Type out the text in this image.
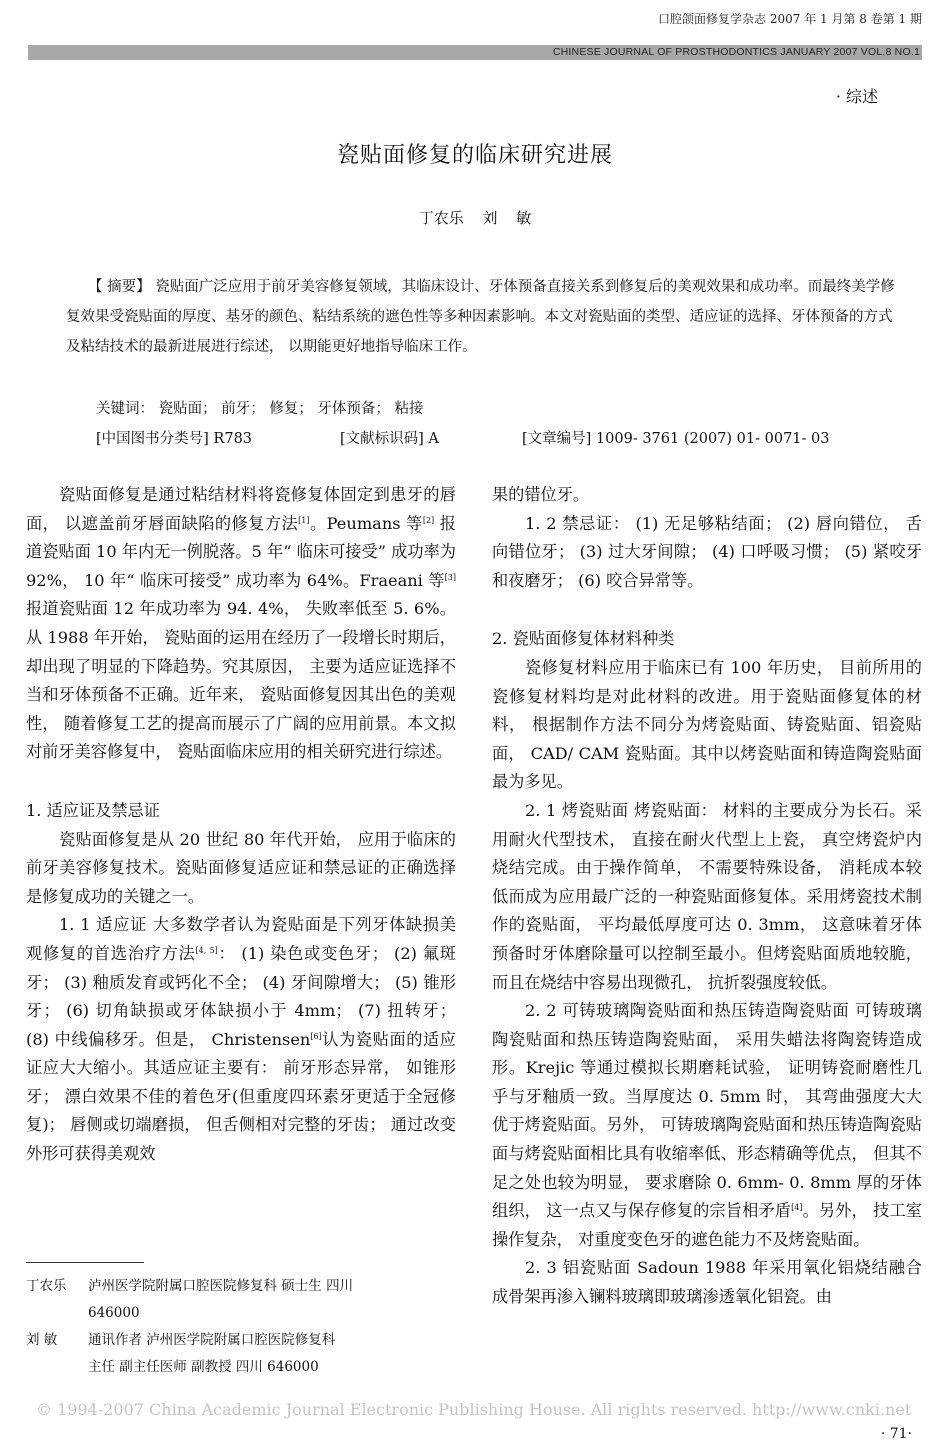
口腔颌面修复学杂志 2007 年 1 月第 8 卷第 1 期
CHINESE JOURNAL OF PROSTHODONTICS JANUARY 2007 VOL.8 NO.1
· 综述
瓷贴面修复的临床研究进展
丁农乐 刘 敏
【 摘要】 瓷贴面广泛应用于前牙美容修复领域，其临床设计、牙体预备直接关系到修复后的美观效果和成功率。而最终美学修复效果受瓷贴面的厚度、基牙的颜色、粘结系统的遮色性等多种因素影响。本文对瓷贴面的类型、适应证的选择、牙体预备的方式及粘结技术的最新进展进行综述， 以期能更好地指导临床工作。
关键词： 瓷贴面； 前牙； 修复； 牙体预备； 粘接
[中国图书分类号] R783	[文献标识码] A	[文章编号] 1009- 3761 (2007) 01- 0071- 03

瓷贴面修复是通过粘结材料将瓷修复体固定到患牙的唇面， 以遮盖前牙唇面缺陷的修复方法[1]。Peumans 等[2] 报道瓷贴面 10 年内无一例脱落。5 年“ 临床可接受” 成功率为 92%， 10 年“ 临床可接受” 成功率为 64%。Fraeani 等[3] 报道瓷贴面 12 年成功率为 94. 4%， 失败率低至 5. 6%。从 1988 年开始， 瓷贴面的运用在经历了一段增长时期后， 却出现了明显的下降趋势。究其原因， 主要为适应证选择不当和牙体预备不正确。近年来， 瓷贴面修复因其出色的美观性， 随着修复工艺的提高而展示了广阔的应用前景。本文拟对前牙美容修复中， 瓷贴面临床应用的相关研究进行综述。

1. 适应证及禁忌证

瓷贴面修复是从 20 世纪 80 年代开始， 应用于临床的前牙美容修复技术。瓷贴面修复适应证和禁忌证的正确选择是修复成功的关键之一。

1. 1 适应证 大多数学者认为瓷贴面是下列牙体缺损美观修复的首选治疗方法[4, 5]： (1) 染色或变色牙； (2) 氟斑牙； (3) 釉质发育或钙化不全； (4) 牙间隙增大； (5) 锥形牙； (6) 切角缺损或牙体缺损小于 4mm； (7) 扭转牙； (8) 中线偏移牙。但是， Christensen[6]认为瓷贴面的适应证应大大缩小。其适应证主要有： 前牙形态异常， 如锥形牙； 漂白效果不佳的着色牙(但重度四环素牙更适于全冠修复)； 唇侧或切端磨损， 但舌侧相对完整的牙齿； 通过改变外形可获得美观效

果的错位牙。

1. 2 禁忌证： (1) 无足够粘结面； (2) 唇向错位， 舌向错位牙； (3) 过大牙间隙； (4) 口呼吸习惯； (5) 紧咬牙和夜磨牙； (6) 咬合异常等。

2. 瓷贴面修复体材料种类

瓷修复材料应用于临床已有 100 年历史， 目前所用的瓷修复材料均是对此材料的改进。用于瓷贴面修复体的材料， 根据制作方法不同分为烤瓷贴面、铸瓷贴面、铝瓷贴面， CAD/ CAM 瓷贴面。其中以烤瓷贴面和铸造陶瓷贴面最为多见。

2. 1 烤瓷贴面 烤瓷贴面： 材料的主要成分为长石。采用耐火代型技术， 直接在耐火代型上上瓷， 真空烤瓷炉内烧结完成。由于操作简单， 不需要特殊设备， 消耗成本较低而成为应用最广泛的一种瓷贴面修复体。采用烤瓷技术制作的瓷贴面， 平均最低厚度可达 0. 3mm， 这意味着牙体预备时牙体磨除量可以控制至最小。但烤瓷贴面质地较脆， 而且在烧结中容易出现微孔， 抗折裂强度较低。

2. 2 可铸玻璃陶瓷贴面和热压铸造陶瓷贴面 可铸玻璃陶瓷贴面和热压铸造陶瓷贴面， 采用失蜡法将陶瓷铸造成形。Krejic 等通过模拟长期磨耗试验， 证明铸瓷耐磨性几乎与牙釉质一致。当厚度达 0. 5mm 时， 其弯曲强度大大优于烤瓷贴面。另外， 可铸玻璃陶瓷贴面和热压铸造陶瓷贴面与烤瓷贴面相比具有收缩率低、形态精确等优点， 但其不足之处也较为明显， 要求磨除 0. 6mm- 0. 8mm 厚的牙体组织， 这一点又与保存修复的宗旨相矛盾[4]。另外， 技工室操作复杂， 对重度变色牙的遮色能力不及烤瓷贴面。

2. 3 铝瓷贴面 Sadoun 1988 年采用氧化铝烧结融合成骨架再渗入镧料玻璃即玻璃渗透氧化铝瓷。由

丁农乐	泸州医学院附属口腔医院修复科 硕士生 四川
646000
刘 敏	通讯作者 泸州医学院附属口腔医院修复科
主任 副主任医师 副教授 四川 646000
© 1994-2007 China Academic Journal Electronic Publishing House. All rights reserved. http://www.cnki.net
· 71·
